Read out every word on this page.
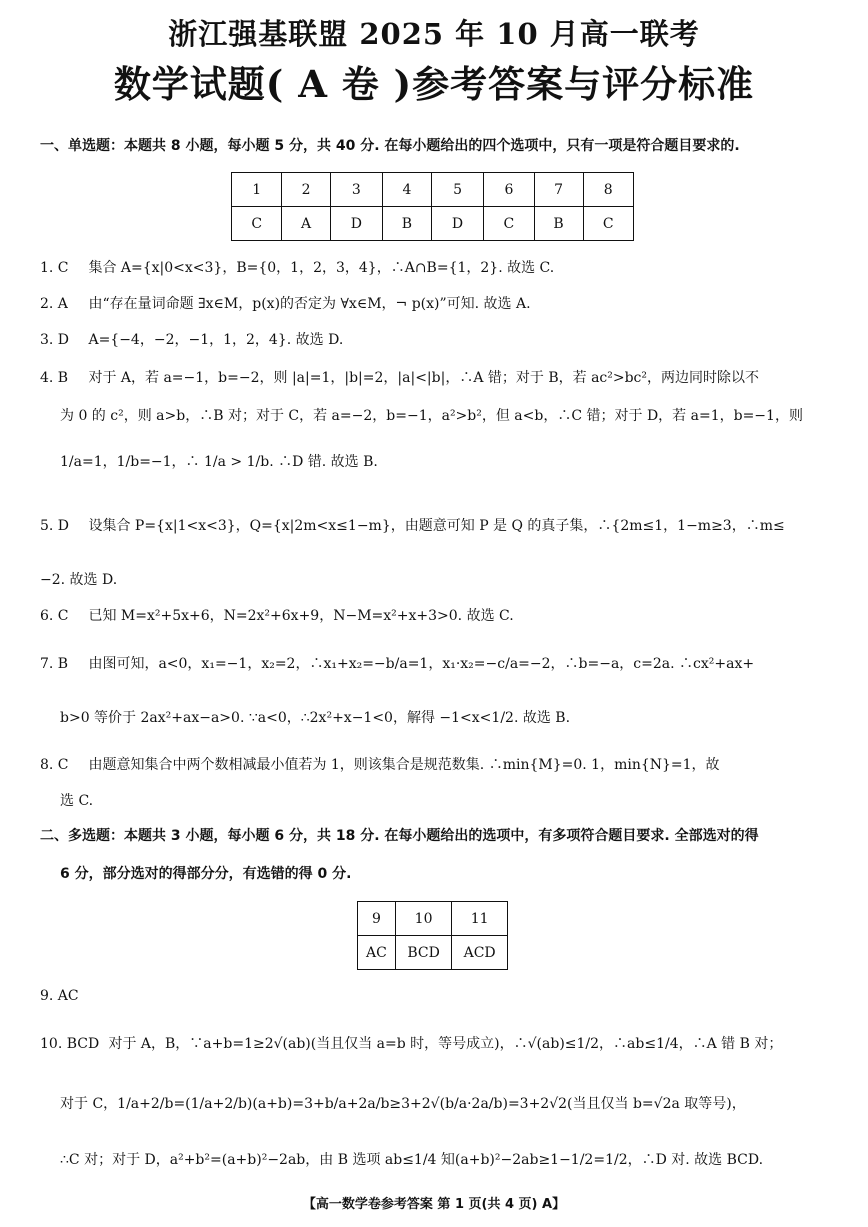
浙江强基联盟 2025 年 10 月高一联考
数学试题( A 卷 )参考答案与评分标准
一、单选题：本题共 8 小题，每小题 5 分，共 40 分. 在每小题给出的四个选项中，只有一项是符合题目要求的.
1	2	3	4	5	6	7	8
C	A	D	B	D	C	B	C
1. C 集合 A={x|0<x<3}，B={0，1，2，3，4}，∴A∩B={1，2}. 故选 C.
2. A 由“存在量词命题 ∃x∈M，p(x)的否定为 ∀x∈M，¬ p(x)”可知. 故选 A.
3. D A={−4，−2，−1，1，2，4}. 故选 D.
4. B 对于 A，若 a=−1，b=−2，则 |a|=1，|b|=2，|a|<|b|，∴A 错；对于 B，若 ac²>bc²，两边同时除以不
为 0 的 c²，则 a>b，∴B 对；对于 C，若 a=−2，b=−1，a²>b²，但 a<b，∴C 错；对于 D，若 a=1，b=−1，则
1/a=1，1/b=−1，∴ 1/a > 1/b. ∴D 错. 故选 B.
5. D 设集合 P={x|1<x<3}，Q={x|2m<x≤1−m}，由题意可知 P 是 Q 的真子集，∴{2m≤1，1−m≥3，∴m≤
−2. 故选 D.
6. C 已知 M=x²+5x+6，N=2x²+6x+9，N−M=x²+x+3>0. 故选 C.
7. B 由图可知，a<0，x₁=−1，x₂=2，∴x₁+x₂=−b/a=1，x₁·x₂=−c/a=−2，∴b=−a，c=2a. ∴cx²+ax+
b>0 等价于 2ax²+ax−a>0. ∵a<0，∴2x²+x−1<0，解得 −1<x<1/2. 故选 B.
8. C 由题意知集合中两个数相减最小值若为 1，则该集合是规范数集. ∴min{M}=0. 1，min{N}=1，故
选 C.
二、多选题：本题共 3 小题，每小题 6 分，共 18 分. 在每小题给出的选项中，有多项符合题目要求. 全部选对的得
6 分，部分选对的得部分分，有选错的得 0 分.
9	10	11
AC	BCD	ACD
9. AC
10. BCD 对于 A，B，∵a+b=1≥2√(ab)(当且仅当 a=b 时，等号成立)，∴√(ab)≤1/2，∴ab≤1/4，∴A 错 B 对；
对于 C，1/a+2/b=(1/a+2/b)(a+b)=3+b/a+2a/b≥3+2√(b/a·2a/b)=3+2√2(当且仅当 b=√2a 取等号)，
∴C 对；对于 D，a²+b²=(a+b)²−2ab，由 B 选项 ab≤1/4 知(a+b)²−2ab≥1−1/2=1/2，∴D 对. 故选 BCD.
【高一数学卷参考答案 第 1 页(共 4 页) A】
